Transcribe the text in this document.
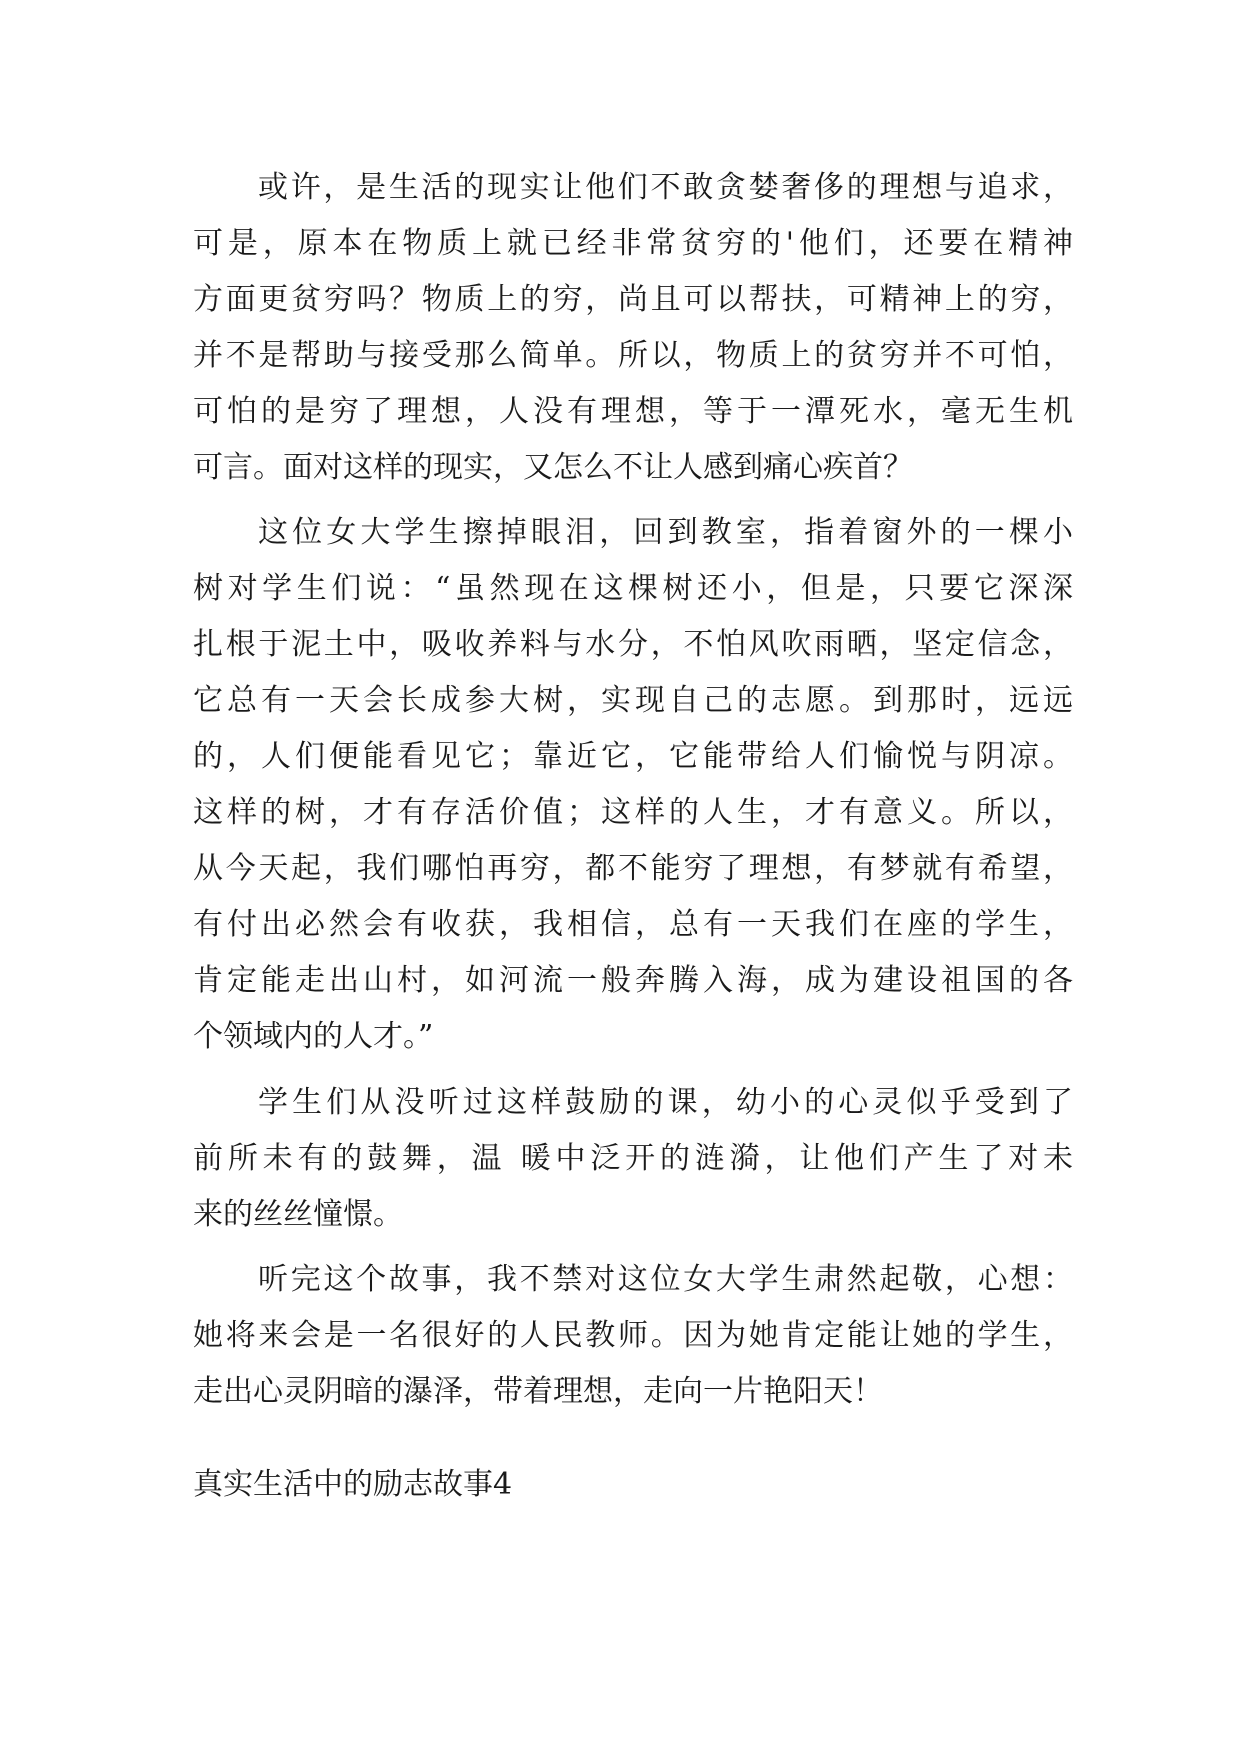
或许，是生活的现实让他们不敢贪婪奢侈的理想与追求，
可是，原本在物质上就已经非常贫穷的'他们，还要在精神
方面更贫穷吗？物质上的穷，尚且可以帮扶，可精神上的穷，
并不是帮助与接受那么简单。所以，物质上的贫穷并不可怕，
可怕的是穷了理想，人没有理想，等于一潭死水，毫无生机
可言。面对这样的现实，又怎么不让人感到痛心疾首？
这位女大学生擦掉眼泪，回到教室，指着窗外的一棵小
树对学生们说：“虽然现在这棵树还小，但是，只要它深深
扎根于泥土中，吸收养料与水分，不怕风吹雨晒，坚定信念，
它总有一天会长成参大树，实现自己的志愿。到那时，远远
的，人们便能看见它；靠近它，它能带给人们愉悦与阴凉。
这样的树，才有存活价值；这样的人生，才有意义。所以，
从今天起，我们哪怕再穷，都不能穷了理想，有梦就有希望，
有付出必然会有收获，我相信，总有一天我们在座的学生，
肯定能走出山村，如河流一般奔腾入海，成为建设祖国的各
个领域内的人才。”
学生们从没听过这样鼓励的课，幼小的心灵似乎受到了
前所未有的鼓舞，温 暖中泛开的涟漪，让他们产生了对未
来的丝丝憧憬。
听完这个故事，我不禁对这位女大学生肃然起敬，心想：
她将来会是一名很好的人民教师。因为她肯定能让她的学生，
走出心灵阴暗的瀑泽，带着理想，走向一片艳阳天！
真实生活中的励志故事4
